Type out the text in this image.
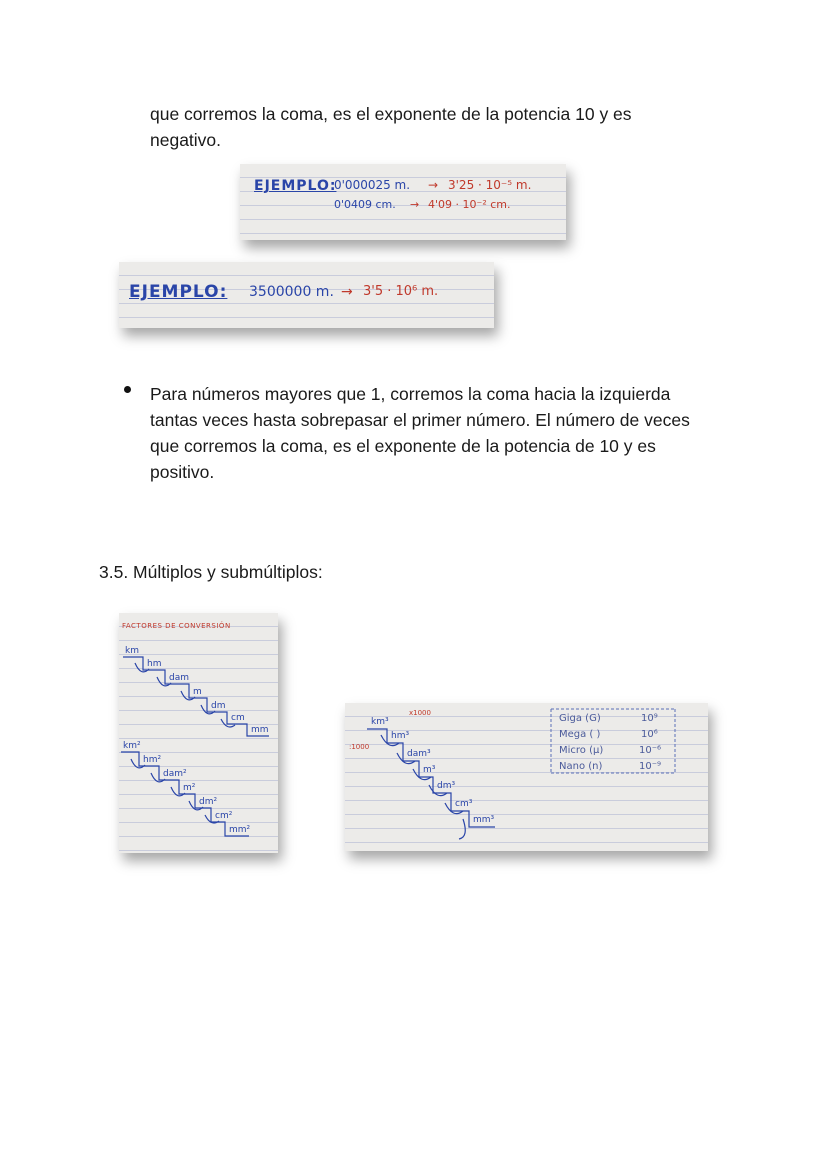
que corremos la coma, es el exponente de la potencia 10 y es

negativo.

EJEMPLO:
0'000025 m. → 3'25 · 10⁻⁵ m.
0'0409 cm. → 4'09 · 10⁻² cm.
EJEMPLO: 3500000 m. → 3'5 · 10⁶ m.

Para números mayores que 1, corremos la coma hacia la izquierda

tantas veces hasta sobrepasar el primer número. El número de veces

que corremos la coma, es el exponente de la potencia de 10 y es

positivo.

3.5. Múltiplos y submúltiplos:

FACTORES DE CONVERSIÓN
km
hm
dam
m
dm
cm
mm
km²
hm²
dam²
m²
dm²
cm²
mm²
km³
hm³
dam³
m³
dm³
cm³
mm³
x1000
:1000
Giga (G)	10⁹
Mega ( )	10⁶
Micro (μ)	10⁻⁶
Nano (n)	10⁻⁹
